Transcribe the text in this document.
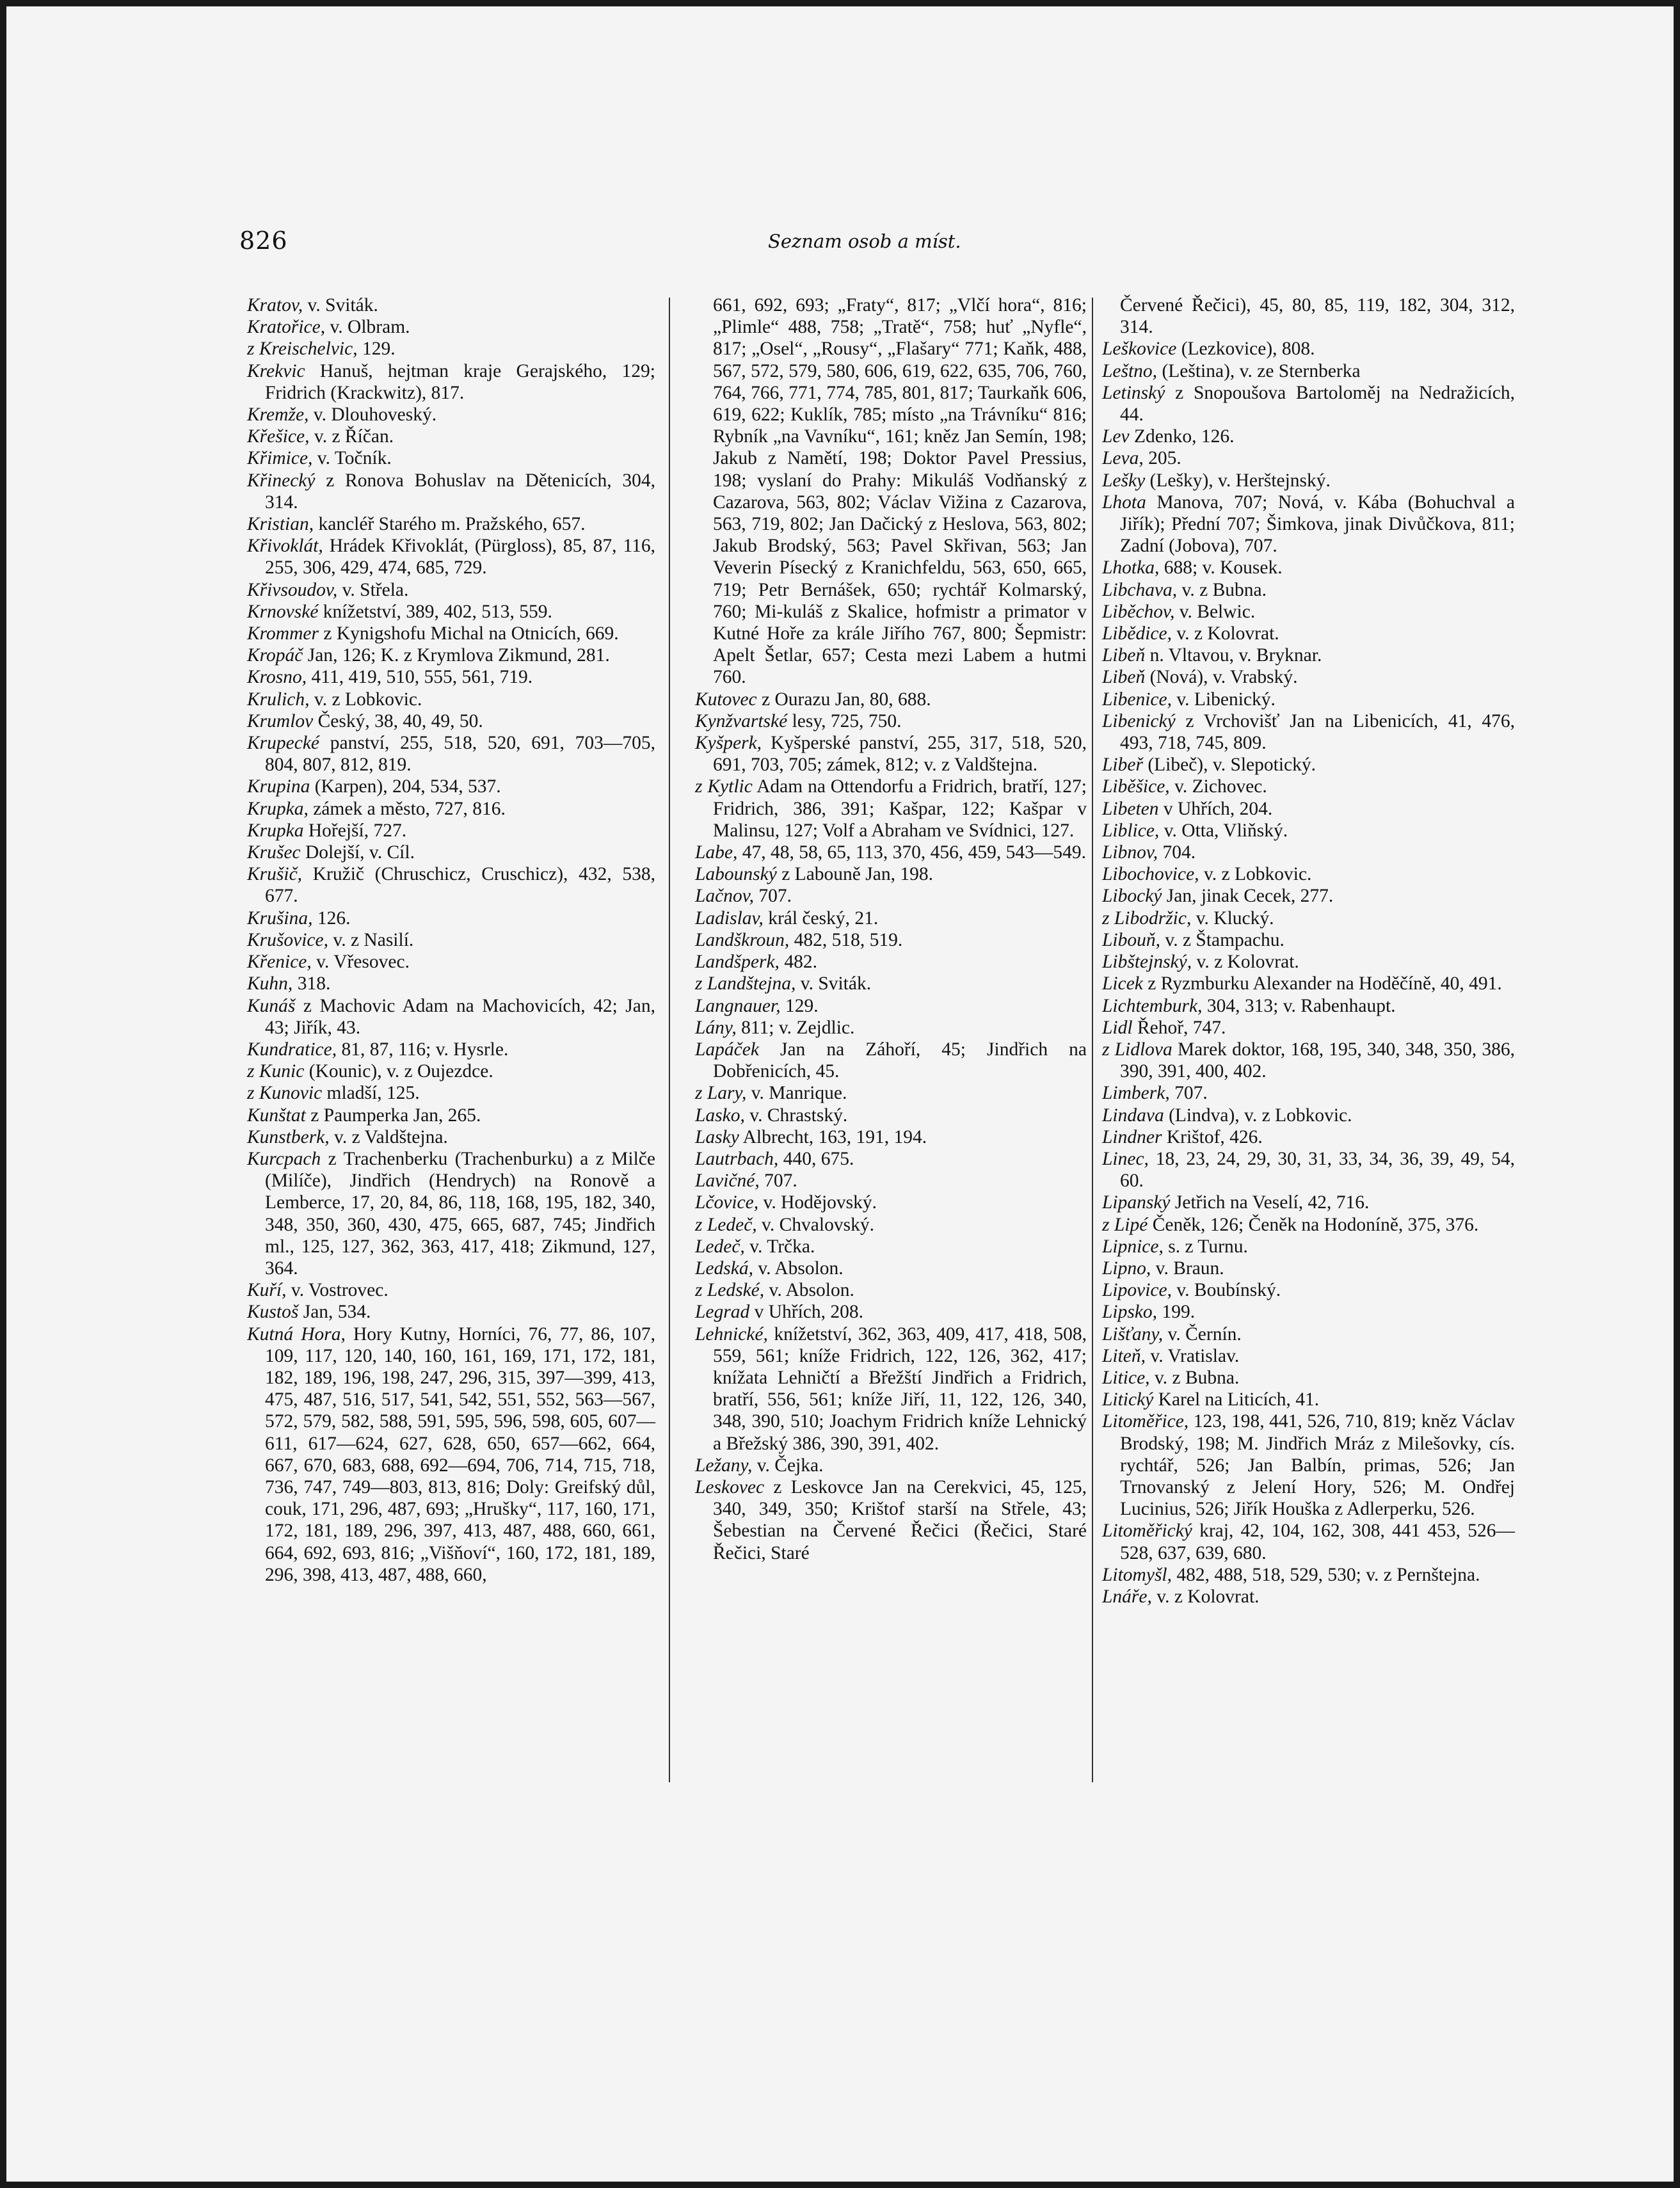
826	Seznam osob a míst.

Kratov, v. Sviták.

Kratořice, v. Olbram.

z Kreischelvic, 129.

Krekvic Hanuš, hejtman kraje Gerajského, 129; Fridrich (Krackwitz), 817.

Kremže, v. Dlouhoveský.

Křešice, v. z Říčan.

Křimice, v. Točník.

Křinecký z Ronova Bohuslav na Dětenicích, 304, 314.

Kristian, kancléř Starého m. Pražského, 657.

Křivoklát, Hrádek Křivoklát, (Pürgloss), 85, 87, 116, 255, 306, 429, 474, 685, 729.

Křivsoudov, v. Střela.

Krnovské knížetství, 389, 402, 513, 559.

Krommer z Kynigshofu Michal na Otnicích, 669.

Kropáč Jan, 126; K. z Krymlova Zikmund, 281.

Krosno, 411, 419, 510, 555, 561, 719.

Krulich, v. z Lobkovic.

Krumlov Český, 38, 40, 49, 50.

Krupecké panství, 255, 518, 520, 691, 703—705, 804, 807, 812, 819.

Krupina (Karpen), 204, 534, 537.

Krupka, zámek a město, 727, 816.

Krupka Hořejší, 727.

Krušec Dolejší, v. Cíl.

Krušič, Kružič (Chruschicz, Cruschicz), 432, 538, 677.

Krušina, 126.

Krušovice, v. z Nasilí.

Křenice, v. Vřesovec.

Kuhn, 318.

Kunáš z Machovic Adam na Machovicích, 42; Jan, 43; Jiřík, 43.

Kundratice, 81, 87, 116; v. Hysrle.

z Kunic (Kounic), v. z Oujezdce.

z Kunovic mladší, 125.

Kunštat z Paumperka Jan, 265.

Kunstberk, v. z Valdštejna.

Kurcpach z Trachenberku (Trachenburku) a z Milče (Milíče), Jindřich (Hendrych) na Ronově a Lemberce, 17, 20, 84, 86, 118, 168, 195, 182, 340, 348, 350, 360, 430, 475, 665, 687, 745; Jindřich ml., 125, 127, 362, 363, 417, 418; Zikmund, 127, 364.

Kuří, v. Vostrovec.

Kustoš Jan, 534.

Kutná Hora, Hory Kutny, Horníci, 76, 77, 86, 107, 109, 117, 120, 140, 160, 161, 169, 171, 172, 181, 182, 189, 196, 198, 247, 296, 315, 397—399, 413, 475, 487, 516, 517, 541, 542, 551, 552, 563—567, 572, 579, 582, 588, 591, 595, 596, 598, 605, 607—611, 617—624, 627, 628, 650, 657—662, 664, 667, 670, 683, 688, 692—694, 706, 714, 715, 718, 736, 747, 749—803, 813, 816; Doly: Greifský důl, couk, 171, 296, 487, 693; „Hrušky“, 117, 160, 171, 172, 181, 189, 296, 397, 413, 487, 488, 660, 661, 664, 692, 693, 816; „Višňoví“, 160, 172, 181, 189, 296, 398, 413, 487, 488, 660,

661, 692, 693; „Fraty“, 817; „Vlčí hora“, 816; „Plimle“ 488, 758; „Tratě“, 758; huť „Nyfle“, 817; „Osel“, „Rousy“, „Flašary“ 771; Kaňk, 488, 567, 572, 579, 580, 606, 619, 622, 635, 706, 760, 764, 766, 771, 774, 785, 801, 817; Taurkaňk 606, 619, 622; Kuklík, 785; místo „na Trávníku“ 816; Rybník „na Vavníku“, 161; kněz Jan Semín, 198; Jakub z Namětí, 198; Doktor Pavel Pressius, 198; vyslaní do Prahy: Mikuláš Vodňanský z Cazarova, 563, 802; Václav Vižina z Cazarova, 563, 719, 802; Jan Dačický z Heslova, 563, 802; Jakub Brodský, 563; Pavel Skřivan, 563; Jan Veverin Písecký z Kranichfeldu, 563, 650, 665, 719; Petr Bernášek, 650; rychtář Kolmarský, 760; Mi-kuláš z Skalice, hofmistr a primator v Kutné Hoře za krále Jiřího 767, 800; Šepmistr: Apelt Šetlar, 657; Cesta mezi Labem a hutmi 760.

Kutovec z Ourazu Jan, 80, 688.

Kynžvartské lesy, 725, 750.

Kyšperk, Kyšperské panství, 255, 317, 518, 520, 691, 703, 705; zámek, 812; v. z Valdštejna.

z Kytlic Adam na Ottendorfu a Fridrich, bratří, 127; Fridrich, 386, 391; Kašpar, 122; Kašpar v Malinsu, 127; Volf a Abraham ve Svídnici, 127.

Labe, 47, 48, 58, 65, 113, 370, 456, 459, 543—549.

Labounský z Labouně Jan, 198.

Lačnov, 707.

Ladislav, král český, 21.

Landškroun, 482, 518, 519.

Landšperk, 482.

z Landštejna, v. Sviták.

Langnauer, 129.

Lány, 811; v. Zejdlic.

Lapáček Jan na Záhoří, 45; Jindřich na Dobřenicích, 45.

z Lary, v. Manrique.

Lasko, v. Chrastský.

Lasky Albrecht, 163, 191, 194.

Lautrbach, 440, 675.

Lavičné, 707.

Lčovice, v. Hodějovský.

z Ledeč, v. Chvalovský.

Ledeč, v. Trčka.

Ledská, v. Absolon.

z Ledské, v. Absolon.

Legrad v Uhřích, 208.

Lehnické, knížetství, 362, 363, 409, 417, 418, 508, 559, 561; kníže Fridrich, 122, 126, 362, 417; knížata Lehničtí a Břežští Jindřich a Fridrich, bratří, 556, 561; kníže Jiří, 11, 122, 126, 340, 348, 390, 510; Joachym Fridrich kníže Lehnický a Břežský 386, 390, 391, 402.

Ležany, v. Čejka.

Leskovec z Leskovce Jan na Cerekvici, 45, 125, 340, 349, 350; Krištof starší na Střele, 43; Šebestian na Červené Řečici (Řečici, Staré Řečici, Staré

Červené Řečici), 45, 80, 85, 119, 182, 304, 312, 314.

Leškovice (Lezkovice), 808.

Leštno, (Leština), v. ze Sternberka

Letinský z Snopoušova Bartoloměj na Nedražicích, 44.

Lev Zdenko, 126.

Leva, 205.

Lešky (Lešky), v. Herštejnský.

Lhota Manova, 707; Nová, v. Kába (Bohuchval a Jiřík); Přední 707; Šimkova, jinak Divůčkova, 811; Zadní (Jobova), 707.

Lhotka, 688; v. Kousek.

Libchava, v. z Bubna.

Liběchov, v. Belwic.

Libědice, v. z Kolovrat.

Libeň n. Vltavou, v. Bryknar.

Libeň (Nová), v. Vrabský.

Libenice, v. Libenický.

Libenický z Vrchovišť Jan na Libenicích, 41, 476, 493, 718, 745, 809.

Libeř (Libeč), v. Slepotický.

Liběšice, v. Zichovec.

Libeten v Uhřích, 204.

Liblice, v. Otta, Vliňský.

Libnov, 704.

Libochovice, v. z Lobkovic.

Libocký Jan, jinak Cecek, 277.

z Libodržic, v. Klucký.

Libouň, v. z Štampachu.

Libštejnský, v. z Kolovrat.

Licek z Ryzmburku Alexander na Hoděčíně, 40, 491.

Lichtemburk, 304, 313; v. Rabenhaupt.

Lidl Řehoř, 747.

z Lidlova Marek doktor, 168, 195, 340, 348, 350, 386, 390, 391, 400, 402.

Limberk, 707.

Lindava (Lindva), v. z Lobkovic.

Lindner Krištof, 426.

Linec, 18, 23, 24, 29, 30, 31, 33, 34, 36, 39, 49, 54, 60.

Lipanský Jetřich na Veselí, 42, 716.

z Lipé Čeněk, 126; Čeněk na Hodoníně, 375, 376.

Lipnice, s. z Turnu.

Lipno, v. Braun.

Lipovice, v. Boubínský.

Lipsko, 199.

Lišťany, v. Černín.

Liteň, v. Vratislav.

Litice, v. z Bubna.

Litický Karel na Liticích, 41.

Litoměřice, 123, 198, 441, 526, 710, 819; kněz Václav Brodský, 198; M. Jindřich Mráz z Milešovky, cís. rychtář, 526; Jan Balbín, primas, 526; Jan Trnovanský z Jelení Hory, 526; M. Ondřej Lucinius, 526; Jiřík Houška z Adlerperku, 526.

Litoměřický kraj, 42, 104, 162, 308, 441 453, 526—528, 637, 639, 680.

Litomyšl, 482, 488, 518, 529, 530; v. z Pernštejna.

Lnáře, v. z Kolovrat.
